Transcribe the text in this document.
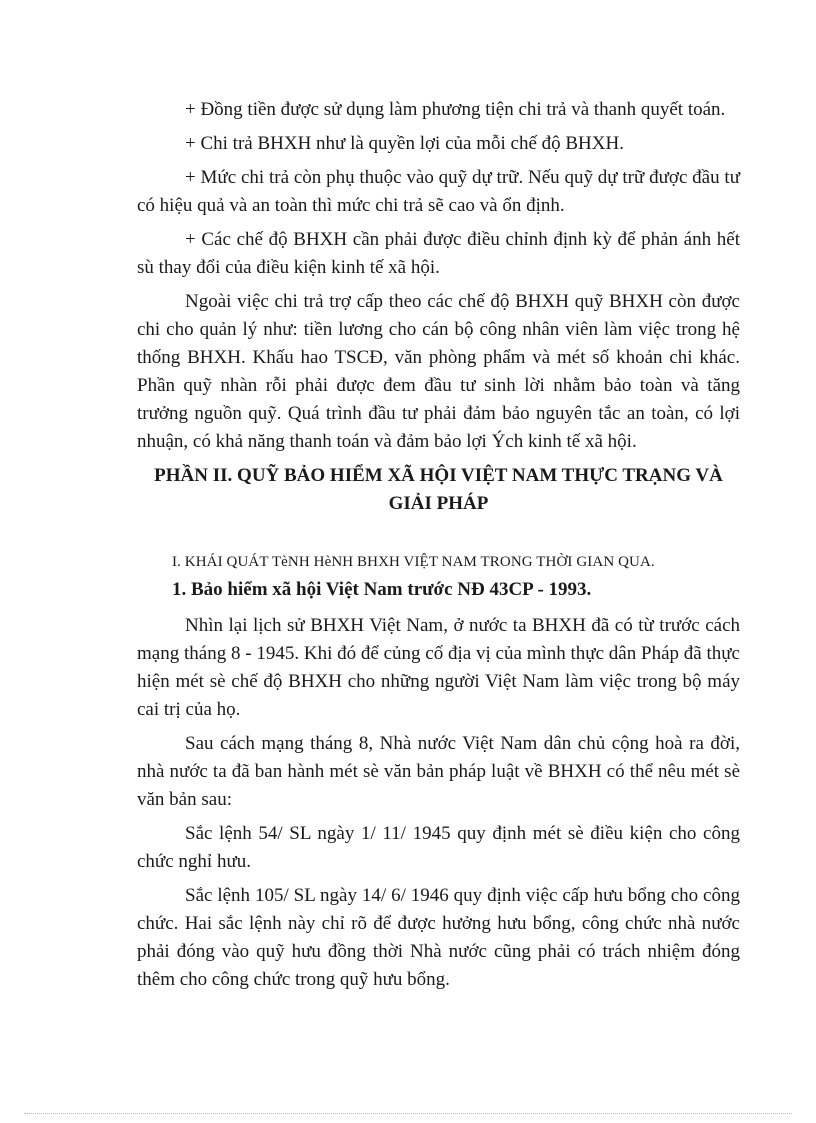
+ Đồng tiền được sử dụng làm phương tiện chi trả và thanh quyết toán.

+ Chi trả BHXH như là quyền lợi của mỗi chế độ BHXH.

+ Mức chi trả còn phụ thuộc vào quỹ dự trữ. Nếu quỹ dự trữ được đầu tư có hiệu quả và an toàn thì mức chi trả sẽ cao và ổn định.

+ Các chế độ BHXH cần phải được điều chỉnh định kỳ để phản ánh hết sù thay đổi của điều kiện kinh tế xã hội.

Ngoài việc chi trả trợ cấp theo các chế độ BHXH quỹ BHXH còn được chi cho quản lý như: tiền lương cho cán bộ công nhân viên làm việc trong hệ thống BHXH. Khấu hao TSCĐ, văn phòng phẩm và mét số khoản chi khác. Phần quỹ nhàn rỗi phải được đem đầu tư sinh lời nhằm bảo toàn và tăng trưởng nguồn quỹ. Quá trình đầu tư phải đảm bảo nguyên tắc an toàn, có lợi nhuận, có khả năng thanh toán và đảm bảo lợi Ých kinh tế xã hội.

PHẦN II. QUỸ BẢO HIỂM XÃ HỘI VIỆT NAM THỰC TRẠNG VÀ GIẢI PHÁP
I. KHÁI QUÁT TèNH HèNH BHXH VIỆT NAM TRONG THỜI GIAN QUA.
1. Bảo hiểm xã hội Việt Nam trước NĐ 43CP - 1993.

Nhìn lại lịch sử BHXH Việt Nam, ở nước ta BHXH đã có từ trước cách mạng tháng 8 - 1945. Khi đó để củng cố địa vị của mình thực dân Pháp đã thực hiện mét sè chế độ BHXH cho những người Việt Nam làm việc trong bộ máy cai trị của họ.

Sau cách mạng tháng 8, Nhà nước Việt Nam dân chủ cộng hoà ra đời, nhà nước ta đã ban hành mét sè văn bản pháp luật về BHXH có thể nêu mét sè văn bản sau:

Sắc lệnh 54/ SL ngày 1/ 11/ 1945 quy định mét sè điều kiện cho công chức nghỉ hưu.

Sắc lệnh 105/ SL ngày 14/ 6/ 1946 quy định việc cấp hưu bổng cho công chức. Hai sắc lệnh này chỉ rõ để được hưởng hưu bổng, công chức nhà nước phải đóng vào quỹ hưu đồng thời Nhà nước cũng phải có trách nhiệm đóng thêm cho công chức trong quỹ hưu bổng.
